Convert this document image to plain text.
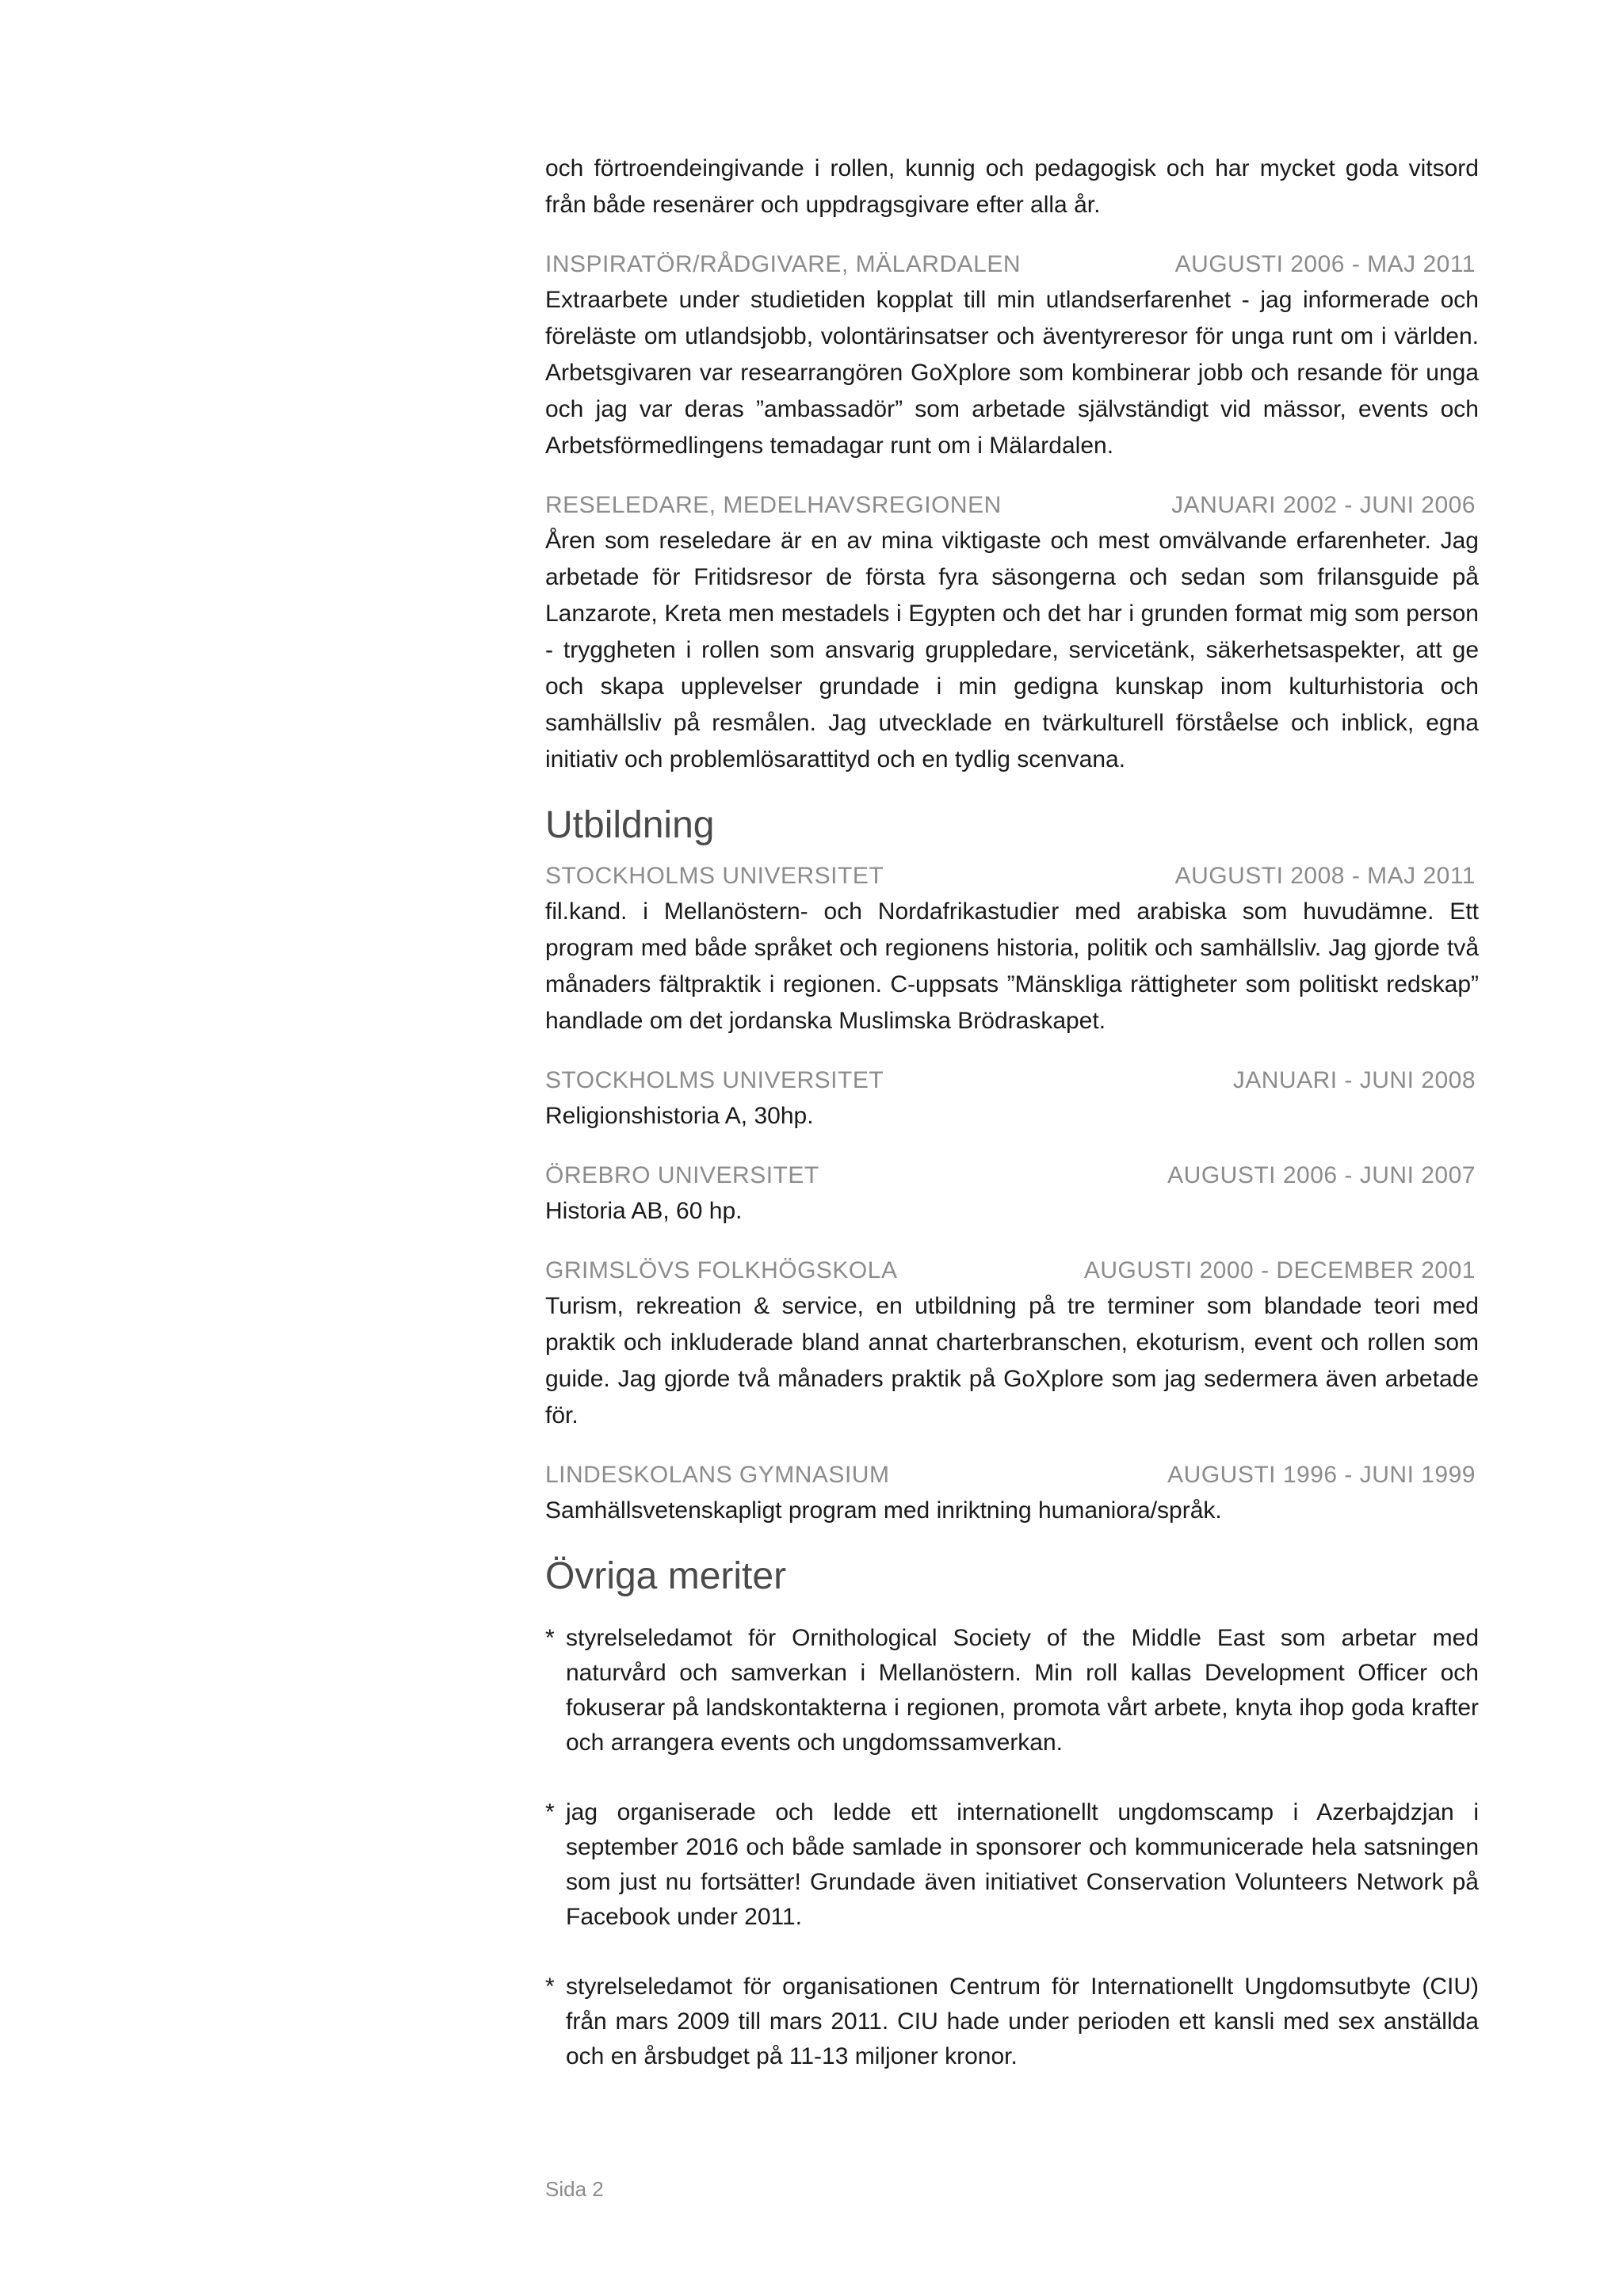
och förtroendeingivande i rollen, kunnig och pedagogisk och har mycket goda vitsord från både resenärer och uppdragsgivare efter alla år.

INSPIRATÖR/RÅDGIVARE, MÄLARDALEN	AUGUSTI 2006 - MAJ 2011

Extraarbete under studietiden kopplat till min utlandserfarenhet - jag informerade och föreläste om utlandsjobb, volontärinsatser och äventyreresor för unga runt om i världen. Arbetsgivaren var researrangören GoXplore som kombinerar jobb och resande för unga och jag var deras ”ambassadör” som arbetade självständigt vid mässor, events och Arbetsförmedlingens temadagar runt om i Mälardalen.

RESELEDARE, MEDELHAVSREGIONEN	JANUARI 2002 - JUNI 2006

Åren som reseledare är en av mina viktigaste och mest omvälvande erfarenheter. Jag arbetade för Fritidsresor de första fyra säsongerna och sedan som frilansguide på Lanzarote, Kreta men mestadels i Egypten och det har i grunden format mig som person - tryggheten i rollen som ansvarig gruppledare, servicetänk, säkerhetsaspekter, att ge och skapa upplevelser grundade i min gedigna kunskap inom kulturhistoria och samhällsliv på resmålen. Jag utvecklade en tvärkulturell förståelse och inblick, egna initiativ och problemlösarattityd och en tydlig scenvana.

Utbildning
STOCKHOLMS UNIVERSITET	AUGUSTI 2008 - MAJ 2011

fil.kand. i Mellanöstern- och Nordafrikastudier med arabiska som huvudämne. Ett program med både språket och regionens historia, politik och samhällsliv. Jag gjorde två månaders fältpraktik i regionen. C-uppsats ”Mänskliga rättigheter som politiskt redskap” handlade om det jordanska Muslimska Brödraskapet.

STOCKHOLMS UNIVERSITET	JANUARI - JUNI 2008

Religionshistoria A, 30hp.

ÖREBRO UNIVERSITET	AUGUSTI 2006 - JUNI 2007

Historia AB, 60 hp.

GRIMSLÖVS FOLKHÖGSKOLA	AUGUSTI 2000 - DECEMBER 2001

Turism, rekreation & service, en utbildning på tre terminer som blandade teori med praktik och inkluderade bland annat charterbranschen, ekoturism, event och rollen som guide. Jag gjorde två månaders praktik på GoXplore som jag sedermera även arbetade för.

LINDESKOLANS GYMNASIUM	AUGUSTI 1996 - JUNI 1999

Samhällsvetenskapligt program med inriktning humaniora/språk.

Övriga meriter
* styrelseledamot för Ornithological Society of the Middle East som arbetar med naturvård och samverkan i Mellanöstern. Min roll kallas Development Officer och fokuserar på landskontakterna i regionen, promota vårt arbete, knyta ihop goda krafter och arrangera events och ungdomssamverkan.
* jag organiserade och ledde ett internationellt ungdomscamp i Azerbajdzjan i september 2016 och både samlade in sponsorer och kommunicerade hela satsningen som just nu fortsätter! Grundade även initiativet Conservation Volunteers Network på Facebook under 2011.
* styrelseledamot för organisationen Centrum för Internationellt Ungdomsutbyte (CIU) från mars 2009 till mars 2011. CIU hade under perioden ett kansli med sex anställda och en årsbudget på 11-13 miljoner kronor.
Sida 2
